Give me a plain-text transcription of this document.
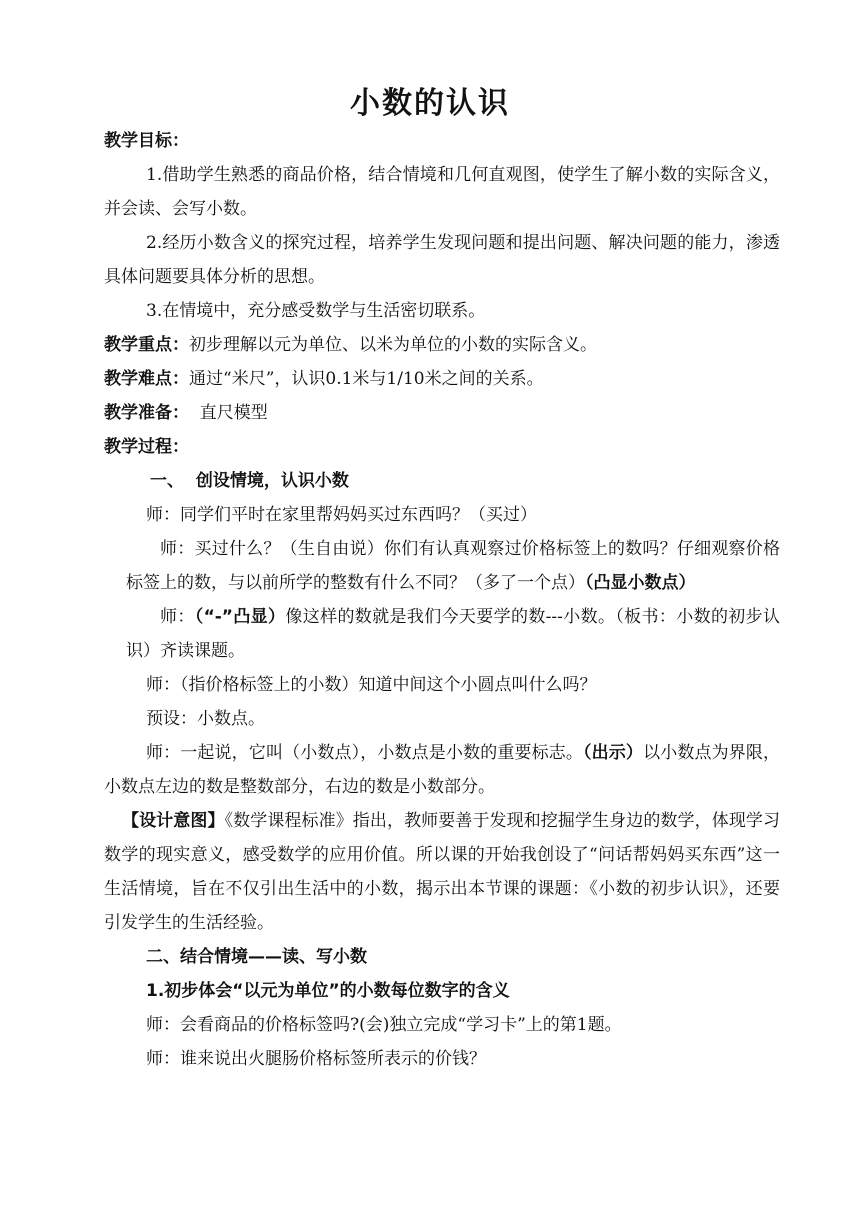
小数的认识

教学目标：

1.借助学生熟悉的商品价格，结合情境和几何直观图，使学生了解小数的实际含义，并会读、会写小数。

2.经历小数含义的探究过程，培养学生发现问题和提出问题、解决问题的能力，渗透具体问题要具体分析的思想。

3.在情境中，充分感受数学与生活密切联系。

教学重点：初步理解以元为单位、以米为单位的小数的实际含义。

教学难点：通过“米尺”，认识0.1米与1/10米之间的关系。

教学准备：  直尺模型

教学过程：

一、  创设情境，认识小数

师：同学们平时在家里帮妈妈买过东西吗？（买过）

师：买过什么？（生自由说）你们有认真观察过价格标签上的数吗？仔细观察价格标签上的数，与以前所学的整数有什么不同？（多了一个点）（凸显小数点）

师：（“-”凸显）像这样的数就是我们今天要学的数---小数。（板书：小数的初步认识）齐读课题。

师：（指价格标签上的小数）知道中间这个小圆点叫什么吗？

预设：小数点。

师：一起说，它叫（小数点），小数点是小数的重要标志。（出示）以小数点为界限，小数点左边的数是整数部分，右边的数是小数部分。

【设计意图】《数学课程标准》指出，教师要善于发现和挖掘学生身边的数学，体现学习数学的现实意义，感受数学的应用价值。所以课的开始我创设了“问话帮妈妈买东西”这一生活情境，旨在不仅引出生活中的小数，揭示出本节课的课题：《小数的初步认识》，还要引发学生的生活经验。

二、结合情境——读、写小数

1.初步体会“以元为单位”的小数每位数字的含义

师：会看商品的价格标签吗?(会)独立完成“学习卡”上的第1题。

师：谁来说出火腿肠价格标签所表示的价钱？
